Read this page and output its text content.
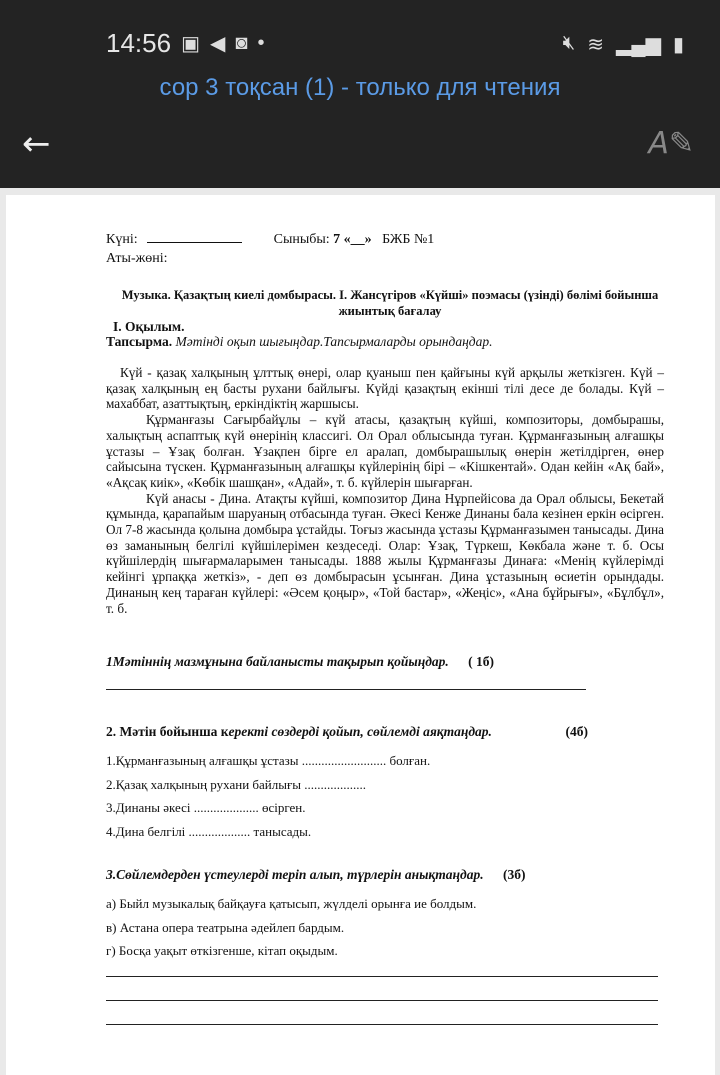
14:56 ▣ ◀ ◙ •	🔇︎ ≋ ▂▄▆ ▮
сор 3 тоқсан (1) - только для чтения
←	A✎
Күні:	Сыныбы: 7 «__» БЖБ №1
Аты-жөні:
Музыка. Қазақтың киелі домбырасы. І. Жансүгіров «Күйші» поэмасы (үзінді) бөлімі бойынша жиынтық бағалау
І. Оқылым.
Тапсырма. Мәтінді оқып шығыңдар.Тапсырмаларды орындаңдар.

Күй - қазақ халқының ұлттық өнері, олар қуаныш пен қайғыны күй арқылы жеткізген. Күй – қазақ халқының ең басты рухани байлығы. Күйді қазақтың екінші тілі десе де болады. Күй – махаббат, азаттықтың, еркіндіктің жаршысы.

Құрманғазы Сағырбайұлы – күй атасы, қазақтың күйші, композиторы, домбырашы, халықтың аспаптық күй өнерінің классигі. Ол Орал облысында туған. Құрманғазының алғашқы ұстазы – Ұзақ болған. Ұзақпен бірге ел аралап, домбырашылық өнерін жетілдірген, өнер сайысына түскен. Құрманғазының алғашқы күйлерінің бірі – «Кішкентай». Одан кейін «Ақ бай», «Ақсақ киік», «Көбік шашқан», «Адай», т. б. күйлерін шығарған.

Күй анасы - Дина. Атақты күйші, композитор Дина Нұрпейісова да Орал облысы, Бекетай құмында, қарапайым шаруаның отбасында туған. Әкесі Кенже Динаны бала кезінен еркін өсірген. Ол 7-8 жасында қолына домбыра ұстайды. Тоғыз жасында ұстазы Құрманғазымен танысады. Дина өз заманының белгілі күйшілерімен кездеседі. Олар: Ұзақ, Түркеш, Көкбала және т. б. Осы күйшілердің шығармаларымен танысады. 1888 жылы Құрманғазы Динаға: «Менің күйлерімді кейінгі ұрпаққа жеткіз», - деп өз домбырасын ұсынған. Дина ұстазының өсиетін орындады. Динаның кең тараған күйлері: «Әсем қоңыр», «Той бастар», «Жеңіс», «Ана бұйрығы», «Бұлбұл», т. б.

1Мәтіннің мазмұнына байланысты тақырып қойыңдар. ( 1б)
2. Мәтін бойынша керекті сөздерді қойып, сөйлемді аяқтаңдар.	(4б)
1.Құрманғазының алғашқы ұстазы .......................... болған.
2.Қазақ халқының рухани байлығы ...................
3.Динаны әкесі .................... өсірген.
4.Дина белгілі ................... танысады.
3.Сөйлемдерден үстеулерді теріп алып, түрлерін анықтаңдар. (3б)
а) Быйл музыкалық байқауға қатысып, жүлделі орынға ие болдым.
в) Астана опера театрына әдейлеп бардым.
г) Босқа уақыт өткізгенше, кітап оқыдым.
